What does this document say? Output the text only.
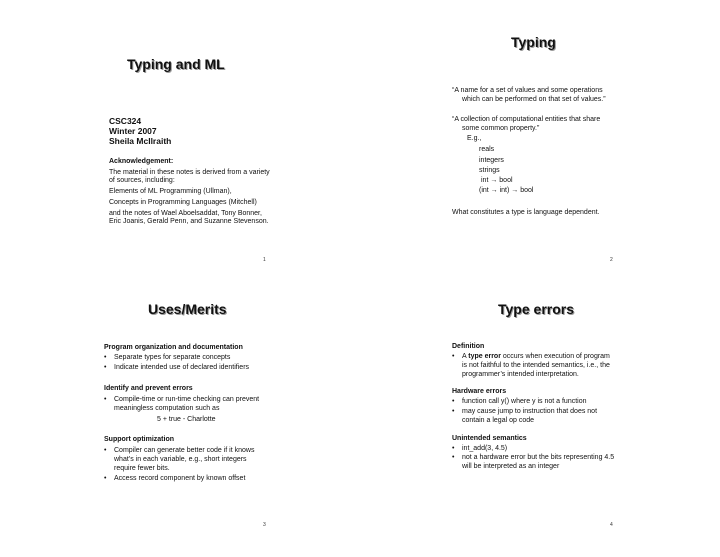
Typing and ML
CSC324
Winter 2007
Sheila McIlraith
Acknowledgement:
The material in these notes is derived from a variety
of sources, including:
Elements of ML Programming (Ullman),
Concepts in Programming Languages (Mitchell)
and the notes of Wael Aboelsaddat, Tony Bonner,
Eric Joanis, Gerald Penn, and Suzanne Stevenson.
1
Typing
“A name for a set of values and some operations
which can be performed on that set of values.”
“A collection of computational entities that share
some common property.”
E.g.,
reals
integers
strings
int → bool
(int → int) → bool
What constitutes a type is language dependent.
2
Uses/Merits
Program organization and documentation
• Separate types for separate concepts
• Indicate intended use of declared identifiers
Identify and prevent errors
• Compile-time or run-time checking can prevent
meaningless computation such as
5 + true - Charlotte
Support optimization
• Compiler can generate better code if it knows
what’s in each variable, e.g., short integers
require fewer bits.
• Access record component by known offset
3
Type errors
Definition
• A type error occurs when execution of program
is not faithful to the intended semantics, i.e., the
programmer’s intended interpretation.
Hardware errors
• function call y() where y is not a function
• may cause jump to instruction that does not
contain a legal op code
Unintended semantics
• int_add(3, 4.5)
• not a hardware error but the bits representing 4.5
will be interpreted as an integer
4
